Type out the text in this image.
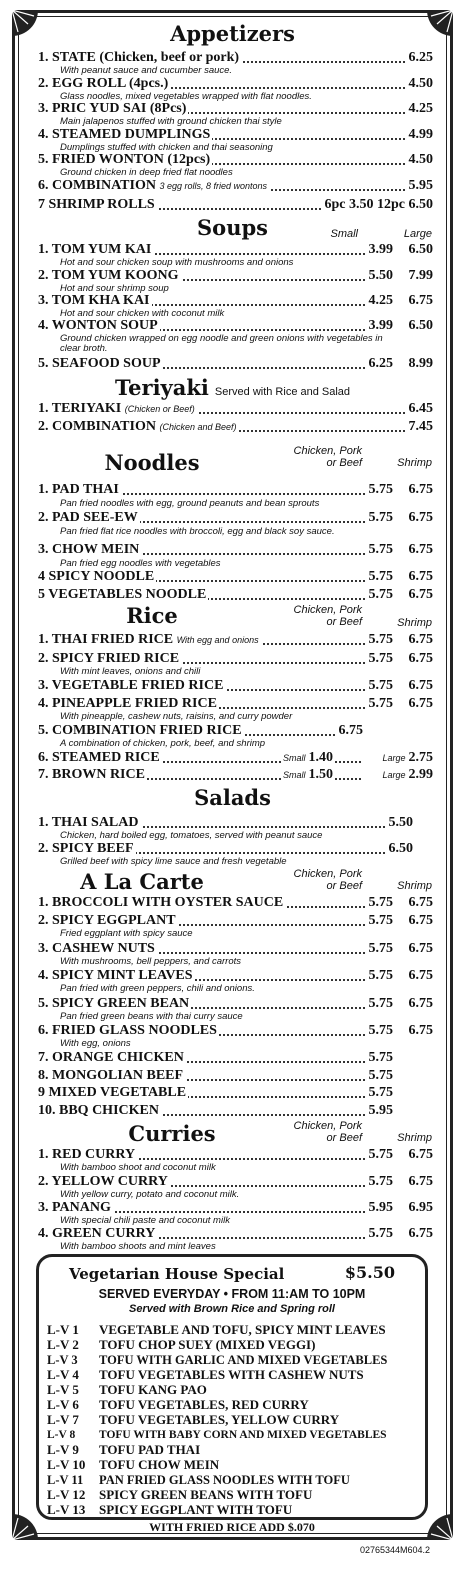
Appetizers
1. STATE (Chicken, beef or pork)	6.25
With peanut sauce and cucumber sauce.
2. EGG ROLL (4pcs.)	4.50
Glass noodles, mixed vegetables wrapped with flat noodles.
3. PRIC YUD SAI (8Pcs)	4.25
Main jalapenos stuffed with ground chicken thai style
4. STEAMED DUMPLINGS	4.99
Dumplings stuffed with chicken and thai seasoning
5. FRIED WONTON (12pcs)	4.50
Ground chicken in deep fried flat noodles
6. COMBINATION 3 egg rolls, 8 fried wontons	5.95
7 SHRIMP ROLLS	6pc 3.50 12pc 6.50
Soups	Small	Large
1. TOM YUM KAI	3.99	6.50
Hot and sour chicken soup with mushrooms and onions
2. TOM YUM KOONG	5.50	7.99
Hot and sour shrimp soup
3. TOM KHA KAI	4.25	6.75
Hot and sour chicken with coconut milk
4. WONTON SOUP	3.99	6.50
Ground chicken wrapped on egg noodle and green onions with vegetables in clear broth.
5. SEAFOOD SOUP	6.25	8.99
Teriyaki Served with Rice and Salad
1. TERIYAKI (Chicken or Beef)	6.45
2. COMBINATION (Chicken and Beef)	7.45
Noodles	Chicken, Pork
or Beef	Shrimp
1. PAD THAI	5.75	6.75
Pan fried noodles with egg, ground peanuts and bean sprouts
2. PAD SEE-EW	5.75	6.75
Pan fried flat rice noodles with broccoli, egg and black soy sauce.
3. CHOW MEIN	5.75	6.75
Pan fried egg noodles with vegetables
4 SPICY NOODLE	5.75	6.75
5 VEGETABLES NOODLE	5.75	6.75
Rice	Chicken, Pork
or Beef	Shrimp
1. THAI FRIED RICE With egg and onions	5.75	6.75
2. SPICY FRIED RICE	5.75	6.75
With mint leaves, onions and chili
3. VEGETABLE FRIED RICE	5.75	6.75
4. PINEAPPLE FRIED RICE	5.75	6.75
With pineapple, cashew nuts, raisins, and curry powder
5. COMBINATION FRIED RICE	6.75
A combination of chicken, pork, beef, and shrimp
6. STEAMED RICE	Small 1.40	Large 2.75
7. BROWN RICE	Small 1.50	Large 2.99
Salads
1. THAI SALAD	5.50
Chicken, hard boiled egg, tomatoes, served with peanut sauce
2. SPICY BEEF	6.50
Grilled beef with spicy lime sauce and fresh vegetable
A La Carte	Chicken, Pork
or Beef	Shrimp
1. BROCCOLI WITH OYSTER SAUCE	5.75	6.75
2. SPICY EGGPLANT	5.75	6.75
Fried eggplant with spicy sauce
3. CASHEW NUTS	5.75	6.75
With mushrooms, bell peppers, and carrots
4. SPICY MINT LEAVES	5.75	6.75
Pan fried with green peppers, chili and onions.
5. SPICY GREEN BEAN	5.75	6.75
Pan fried green beans with thai curry sauce
6. FRIED GLASS NOODLES	5.75	6.75
With egg, onions
7. ORANGE CHICKEN	5.75
8. MONGOLIAN BEEF	5.75
9 MIXED VEGETABLE	5.75
10. BBQ CHICKEN	5.95
Curries	Chicken, Pork
or Beef	Shrimp
1. RED CURRY	5.75	6.75
With bamboo shoot and coconut milk
2. YELLOW CURRY	5.75	6.75
With yellow curry, potato and coconut milk.
3. PANANG	5.95	6.95
With special chili paste and coconut milk
4. GREEN CURRY	5.75	6.75
With bamboo shoots and mint leaves
Vegetarian House Special	$5.50
SERVED EVERYDAY • FROM 11:AM TO 10PM
Served with Brown Rice and Spring roll
L-V 1 VEGETABLE AND TOFU, SPICY MINT LEAVES
L-V 2 TOFU CHOP SUEY (MIXED VEGGI)
L-V 3 TOFU WITH GARLIC AND MIXED VEGETABLES
L-V 4 TOFU VEGETABLES WITH CASHEW NUTS
L-V 5 TOFU KANG PAO
L-V 6 TOFU VEGETABLES, RED CURRY
L-V 7 TOFU VEGETABLES, YELLOW CURRY
L-V 8 TOFU WITH BABY CORN AND MIXED VEGETABLES
L-V 9 TOFU PAD THAI
L-V 10 TOFU CHOW MEIN
L-V 11 PAN FRIED GLASS NOODLES WITH TOFU
L-V 12 SPICY GREEN BEANS WITH TOFU
L-V 13 SPICY EGGPLANT WITH TOFU
WITH FRIED RICE ADD $.070
02765344M604.2
